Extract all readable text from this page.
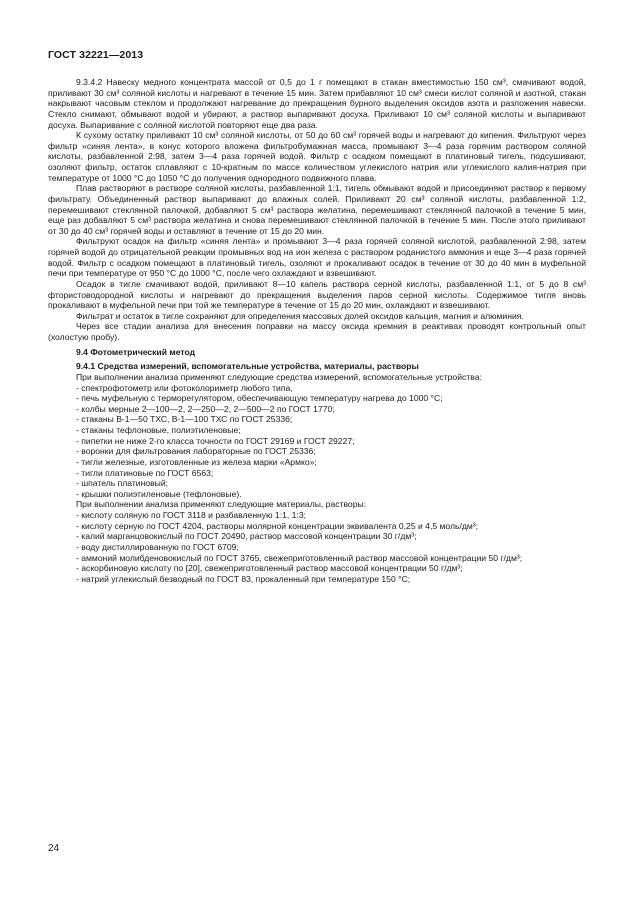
ГОСТ 32221—2013

9.3.4.2 Навеску медного концентрата массой от 0,5 до 1 г помещают в стакан вместимостью 150 см³, смачивают водой, приливают 30 см³ соляной кислоты и нагревают в течение 15 мин. Затем прибавляют 10 см³ смеси кислот соляной и азотной, стакан накрывают часовым стеклом и продолжают нагревание до прекращения бурного выделения оксидов азота и разложения навески. Стекло снимают, обмывают водой и убирают, а раствор выпаривают досуха. Приливают 10 см³ соляной кислоты и выпаривают досуха. Выпаривание с соляной кислотой повторяют еще два раза.

К сухому остатку приливают 10 см³ соляной кислоты, от 50 до 60 см³ горячей воды и нагревают до кипения. Фильтруют через фильтр «синяя лента», в конус которого вложена фильтробумажная масса, промывают 3—4 раза горячим раствором соляной кислоты, разбавленной 2:98, затем 3—4 раза горячей водой. Фильтр с осадком помещают в платиновый тигель, подсушивают, озоляют фильтр, остаток сплавляют с 10-кратным по массе количеством углекислого натрия или углекислого калия-натрия при температуре от 1000 °C до 1050 °C до получения однородного подвижного плава.

Плав растворяют в растворе соляной кислоты, разбавленной 1:1, тигель обмывают водой и присоединяют раствор к первому фильтрату. Объединенный раствор выпаривают до влажных солей. Приливают 20 см³ соляной кислоты, разбавленной 1:2, перемешивают стеклянной палочкой, добавляют 5 см³ раствора желатина, перемешивают стеклянной палочкой в течение 5 мин, еще раз добавляют 5 см³ раствора желатина и снова перемешивают стеклянной палочкой в течение 5 мин. После этого приливают от 30 до 40 см³ горячей воды и оставляют в течение от 15 до 20 мин.

Фильтруют осадок на фильтр «синяя лента» и промывают 3—4 раза горячей соляной кислотой, разбавленной 2:98, затем горячей водой до отрицательной реакции промывных вод на ион железа с раствором роданистого аммония и еще 3—4 раза горячей водой. Фильтр с осадком помещают в платиновый тигель, озоляют и прокаливают осадок в течение от 30 до 40 мин в муфельной печи при температуре от 950 °C до 1000 °C, после чего охлаждают и взвешивают.

Осадок в тигле смачивают водой, приливают 8—10 капель раствора серной кислоты, разбавленной 1:1, от 5 до 8 см³ фтористоводородной кислоты и нагревают до прекращения выделения паров серной кислоты. Содержимое тигля вновь прокаливают в муфельной печи при той же температуре в течение от 15 до 20 мин, охлаждают и взвешивают.

Фильтрат и остаток в тигле сохраняют для определения массовых долей оксидов кальция, магния и алюминия.

Через все стадии анализа для внесения поправки на массу оксида кремния в реактивах проводят контрольный опыт (холостую пробу).

9.4 Фотометрический метод

9.4.1 Средства измерений, вспомогательные устройства, материалы, растворы

При выполнении анализа применяют следующие средства измерений, вспомогательные устройства:

- спектрофотометр или фотоколориметр любого типа,

- печь муфельную с терморегулятором, обеспечивающую температуру нагрева до 1000 °C;

- колбы мерные 2—100—2, 2—250—2, 2—500—2 по ГОСТ 1770;

- стаканы В-1—50 ТХС, В-1—100 ТХС по ГОСТ 25336;

- стаканы тефлоновые, полиэтиленовые;

- пипетки не ниже 2-го класса точности по ГОСТ 29169 и ГОСТ 29227;

- воронки для фильтрования лабораторные по ГОСТ 25336;

- тигли железные, изготовленные из железа марки «Армко»;

- тигли платиновые по ГОСТ 6563;

- шпатель платиновый;

- крышки полиэтиленовые (тефлоновые).

При выполнении анализа применяют следующие материалы, растворы:

- кислоту соляную по ГОСТ 3118 и разбавленную 1:1, 1:3;

- кислоту серную по ГОСТ 4204, растворы молярной концентрации эквивалента 0,25 и 4,5 моль/дм³;

- калий марганцовокислый по ГОСТ 20490, раствор массовой концентрации 30 г/дм³;

- воду дистиллированную по ГОСТ 6709;

- аммоний молибденовокислый по ГОСТ 3765, свежеприготовленный раствор массовой концентрации 50 г/дм³;

- аскорбиновую кислоту по [20], свежеприготовленный раствор массовой концентрации 50 г/дм³;

- натрий углекислый безводный по ГОСТ 83, прокаленный при температуре 150 °C;

24
